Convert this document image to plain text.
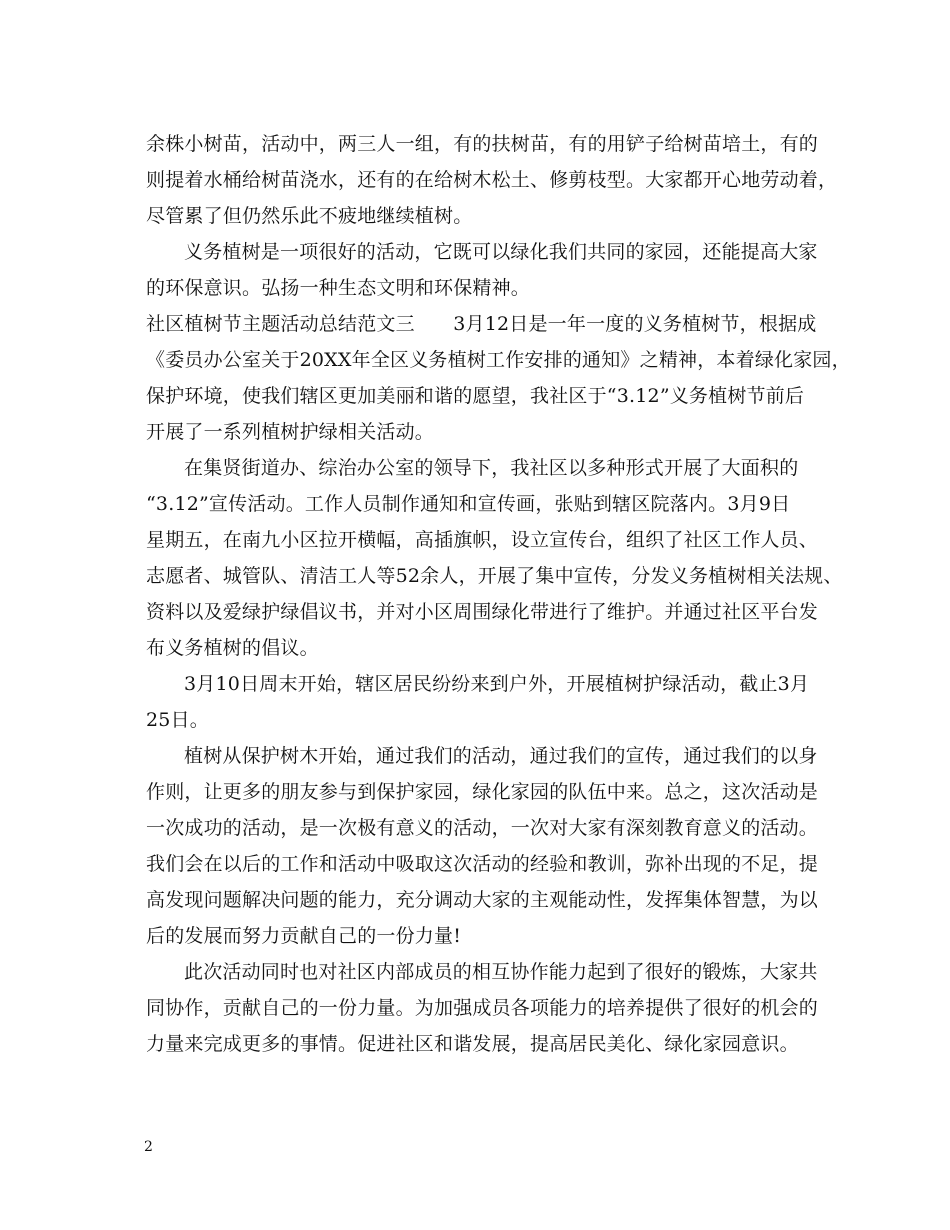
余株小树苗，活动中，两三人一组，有的扶树苗，有的用铲子给树苗培土，有的
则提着水桶给树苗浇水，还有的在给树木松土、修剪枝型。大家都开心地劳动着，
尽管累了但仍然乐此不疲地继续植树。
义务植树是一项很好的活动，它既可以绿化我们共同的家园，还能提高大家
的环保意识。弘扬一种生态文明和环保精神。
社区植树节主题活动总结范文三　　3月12日是一年一度的义务植树节，根据成
《委员办公室关于20XX年全区义务植树工作安排的通知》之精神，本着绿化家园，
保护环境，使我们辖区更加美丽和谐的愿望，我社区于“3.12”义务植树节前后
开展了一系列植树护绿相关活动。
在集贤街道办、综治办公室的领导下，我社区以多种形式开展了大面积的
“3.12”宣传活动。工作人员制作通知和宣传画，张贴到辖区院落内。3月9日
星期五，在南九小区拉开横幅，高插旗帜，设立宣传台，组织了社区工作人员、
志愿者、城管队、清洁工人等52余人，开展了集中宣传，分发义务植树相关法规、
资料以及爱绿护绿倡议书，并对小区周围绿化带进行了维护。并通过社区平台发
布义务植树的倡议。
3月10日周末开始，辖区居民纷纷来到户外，开展植树护绿活动，截止3月
25日。
植树从保护树木开始，通过我们的活动，通过我们的宣传，通过我们的以身
作则，让更多的朋友参与到保护家园，绿化家园的队伍中来。总之，这次活动是
一次成功的活动，是一次极有意义的活动，一次对大家有深刻教育意义的活动。
我们会在以后的工作和活动中吸取这次活动的经验和教训，弥补出现的不足，提
高发现问题解决问题的能力，充分调动大家的主观能动性，发挥集体智慧，为以
后的发展而努力贡献自己的一份力量!
此次活动同时也对社区内部成员的相互协作能力起到了很好的锻炼，大家共
同协作，贡献自己的一份力量。为加强成员各项能力的培养提供了很好的机会的
力量来完成更多的事情。促进社区和谐发展，提高居民美化、绿化家园意识。
2
